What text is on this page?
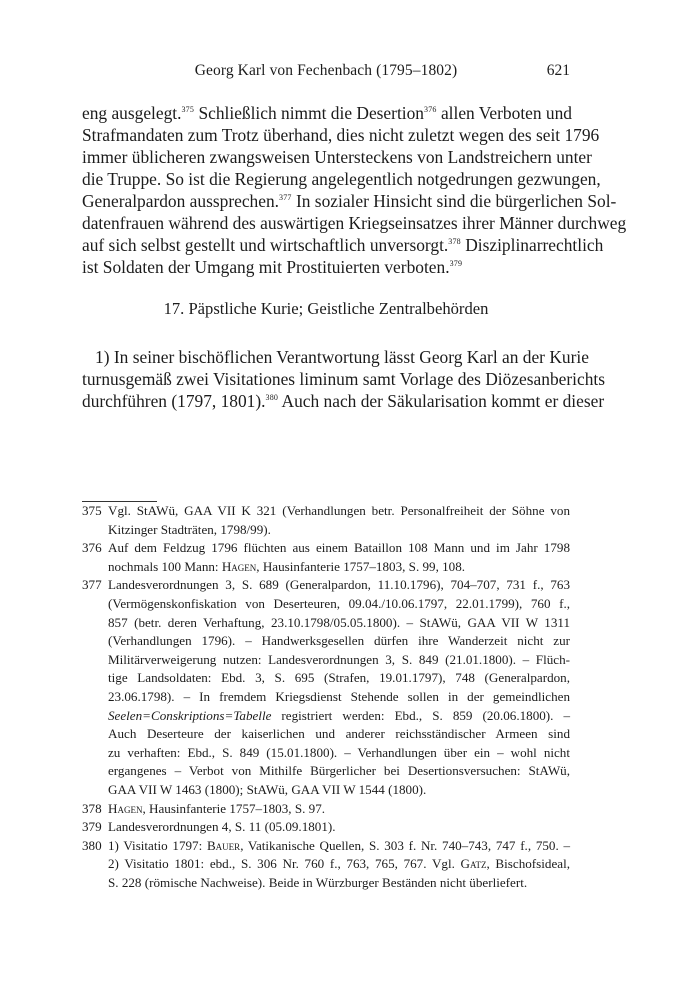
Georg Karl von Fechenbach (1795–1802)	621
eng ausgelegt.$^{375}$ Schließlich nimmt die Desertion$^{376}$ allen Verboten und
Strafmandaten zum Trotz überhand, dies nicht zuletzt wegen des seit 1796
immer üblicheren zwangsweisen Untersteckens von Landstreichern unter
die Truppe. So ist die Regierung angelegentlich notgedrungen gezwungen,
Generalpardon aussprechen.$^{377}$ In sozialer Hinsicht sind die bürgerlichen Sol-
datenfrauen während des auswärtigen Kriegseinsatzes ihrer Männer durchweg
auf sich selbst gestellt und wirtschaftlich unversorgt.$^{378}$ Disziplinarrechtlich
ist Soldaten der Umgang mit Prostituierten verboten.$^{379}$
17. Päpstliche Kurie; Geistliche Zentralbehörden
1) In seiner bischöflichen Verantwortung lässt Georg Karl an der Kurie
turnusgemäß zwei Visitationes liminum samt Vorlage des Diözesanberichts
durchführen (1797, 1801).$^{380}$ Auch nach der Säkularisation kommt er dieser
375 Vgl. StAWü, GAA VII K 321 (Verhandlungen betr. Personalfreiheit der Söhne von
Kitzinger Stadträten, 1798/99).
376 Auf dem Feldzug 1796 flüchten aus einem Bataillon 108 Mann und im Jahr 1798
nochmals 100 Mann: Hagen, Hausinfanterie 1757–1803, S. 99, 108.
377 Landesverordnungen 3, S. 689 (Generalpardon, 11.10.1796), 704–707, 731 f., 763
(Vermögenskonfiskation von Deserteuren, 09.04./10.06.1797, 22.01.1799), 760 f.,
857 (betr. deren Verhaftung, 23.10.1798/05.05.1800). – StAWü, GAA VII W 1311
(Verhandlungen 1796). – Handwerksgesellen dürfen ihre Wanderzeit nicht zur
Militärverweigerung nutzen: Landesverordnungen 3, S. 849 (21.01.1800). – Flüch-
tige Landsoldaten: Ebd. 3, S. 695 (Strafen, 19.01.1797), 748 (Generalpardon,
23.06.1798). – In fremdem Kriegsdienst Stehende sollen in der gemeindlichen
Seelen=Conskriptions=Tabelle registriert werden: Ebd., S. 859 (20.06.1800). –
Auch Deserteure der kaiserlichen und anderer reichsständischer Armeen sind
zu verhaften: Ebd., S. 849 (15.01.1800). – Verhandlungen über ein – wohl nicht
ergangenes – Verbot von Mithilfe Bürgerlicher bei Desertionsversuchen: StAWü,
GAA VII W 1463 (1800); StAWü, GAA VII W 1544 (1800).
378 Hagen, Hausinfanterie 1757–1803, S. 97.
379 Landesverordnungen 4, S. 11 (05.09.1801).
380 1) Visitatio 1797: Bauer, Vatikanische Quellen, S. 303 f. Nr. 740–743, 747 f., 750. –
2) Visitatio 1801: ebd., S. 306 Nr. 760 f., 763, 765, 767. Vgl. Gatz, Bischofsideal,
S. 228 (römische Nachweise). Beide in Würzburger Beständen nicht überliefert.
